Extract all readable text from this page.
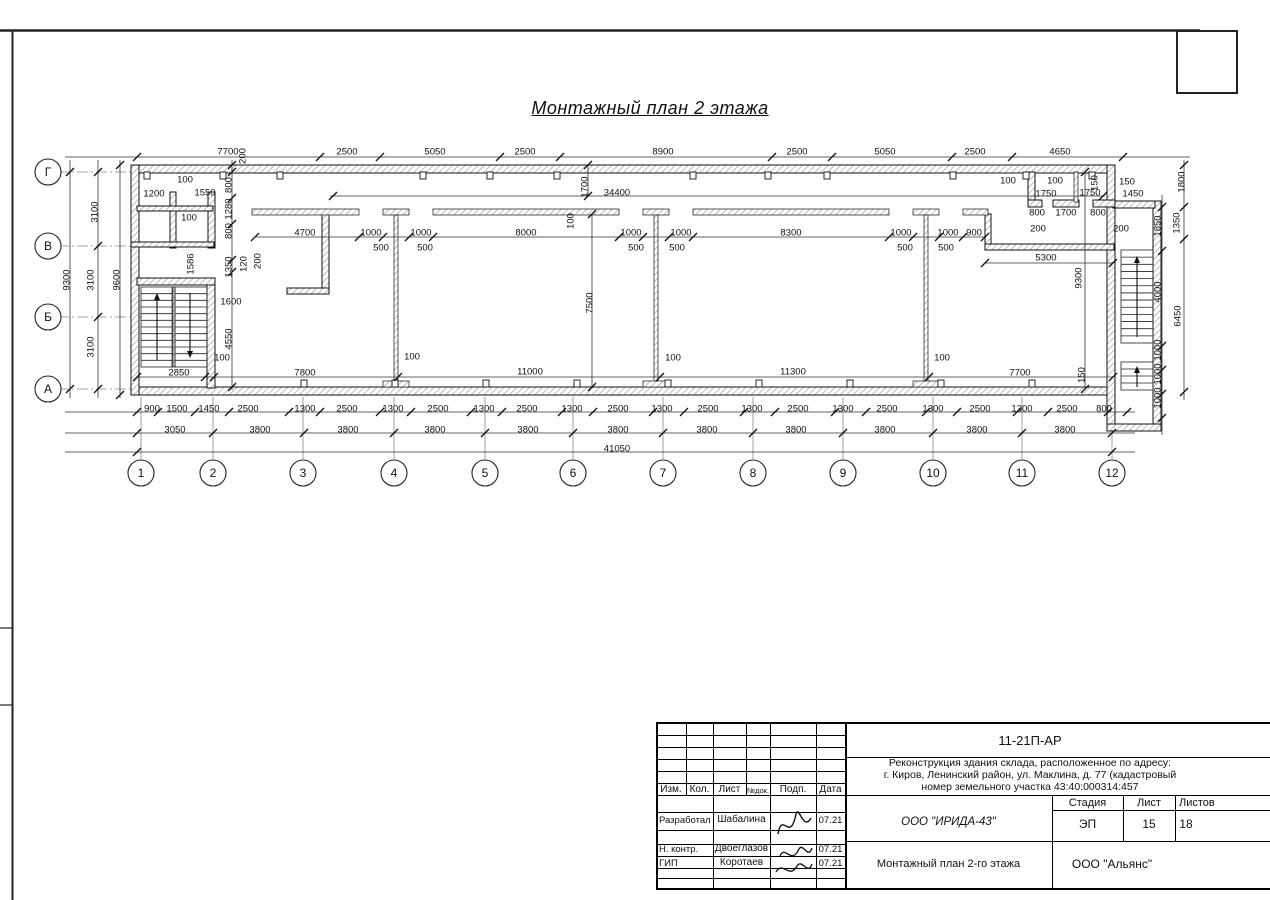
7700	2500	5050	2500	8900	2500	5050	2500	4650
100
1200	1550
100
200
800
1280
800
1350 120 200
1586
4550
1600
100
2850	7800
4700	1000
500
1000
500
8000	1000
500
1000
500
8300	1000
500
1000
500
900
100
1700 34400
7500
100	100	100
11000	11300
9300
150
5300
7700
100	100	150 150
1750 1750 1450
800 1700 800
200	200
1800
1350
1850
4000
6450
1000
1000
1000
900 1500 1450 2500	1300 2500	1300	2500	1300 2500	1300	2500 1300	2500 1300	2500	1300 2500	1300	2500 1300	2500 800
3050	3800	3800	3800	3800	3800	3800	3800	3800	3800	3800
41050
3100
3100
3100
9300	9600
Г
В
Б
А
1	2	3	4	5	6	7	8	9	10	11	12
Монтажный план 2 этажа
Изм. Кол. Лист №док.	Подп.	Дата
Разработал Шабалина	07.21
Н. контр. Двоеглазов	07.21
ГИП	Коротаев	07.21
11-21П-АР
Реконструкция здания склада, расположенное по адресу:
г. Киров, Ленинский район, ул. Маклина, д. 77 (кадастровый
номер земельного участка 43:40:000314:457
Стадия	Лист	Листов
ЭП	15	18
ООО "ИРИДА-43"
Монтажный план 2-го этажа	ООО "Альянс"
